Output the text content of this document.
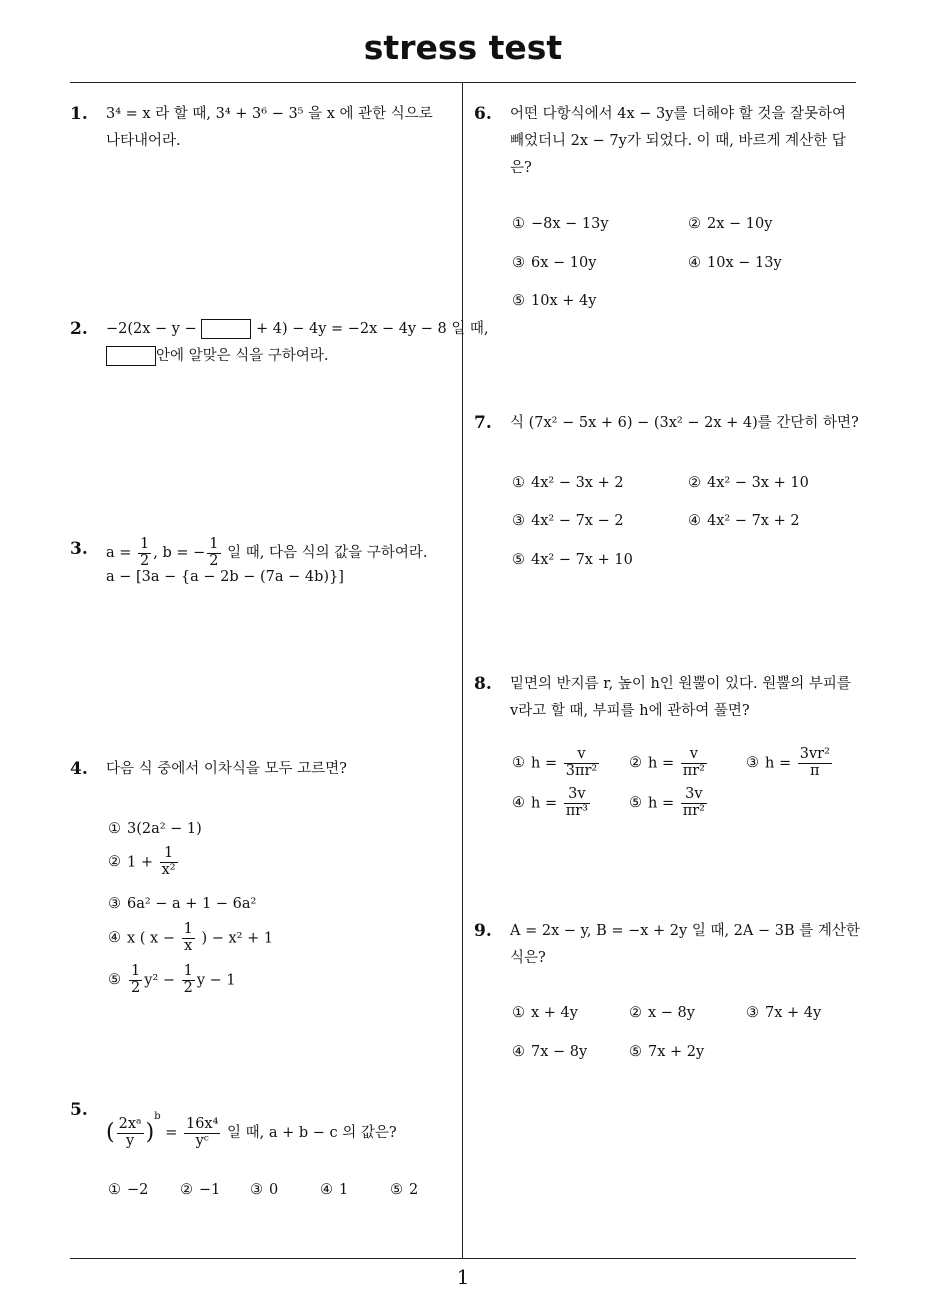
stress test
1
1. 3⁴ = x 라 할 때, 3⁴ + 3⁶ − 3⁵ 을 x 에 관한 식으로
나타내어라.
2. −2(2x − y −	+ 4) − 4y = −2x − 4y − 8 일 때,
안에 알맞은 식을 구하여라.
3. $a = \frac{1}{2}$ , b = − $\frac{1}{2}$ 일 때, 다음 식의 값을 구하여라.
a − [3a − {a − 2b − (7a − 4b)}]
4. 다음 식 중에서 이차식을 모두 고르면?
① 3(2a² − 1)
② $1 + \frac{1}{\text{x²}}$
③ 6a² − a + 1 − 6a²
④ x ( $x - \frac{1}{x}$ ) − x² + 1
⑤ $\frac{1}{2} y^2 - \frac{1}{2}$ y − 1
5.
( $\frac{\text{2xᵃ}}{y} )^b = \frac{\text{16x⁴}}{\text{yᶜ}}$ 일 때, a + b − c 의 값은?
① −2 ② −1 ③ 0	④ 1	⑤ 2
6. 어떤 다항식에서 4x − 3y를 더해야 할 것을 잘못하여
빼었더니 2x − 7y가 되었다. 이 때, 바르게 계산한 답
은?
① −8x − 13y	② 2x − 10y
③ 6x − 10y	④ 10x − 13y
⑤ 10x + 4y
7. 식 (7x² − 5x + 6) − (3x² − 2x + 4)를 간단히 하면?
① 4x² − 3x + 2	② 4x² − 3x + 10
③ 4x² − 7x − 2	④ 4x² − 7x + 2
⑤ 4x² − 7x + 10
8. 밑면의 반지름 r, 높이 h인 원뿔이 있다. 원뿔의 부피를
v라고 할 때, 부피를 h에 관하여 풀면?
① $h = \frac{v}{\text{3πr²}}$ ② $h = \frac{v}{\text{πr²}}$	③ $h = \frac{\text{3vr²}}{\pi}$
④ $h = \frac{3v}{\text{πr³}}$	⑤ $h = \frac{3v}{\text{πr²}}$
9. A = 2x − y, B = −x + 2y 일 때, 2A − 3B 를 계산한
식은?
① x + 4y	② x − 8y	③ 7x + 4y
④ 7x − 8y	⑤ 7x + 2y
